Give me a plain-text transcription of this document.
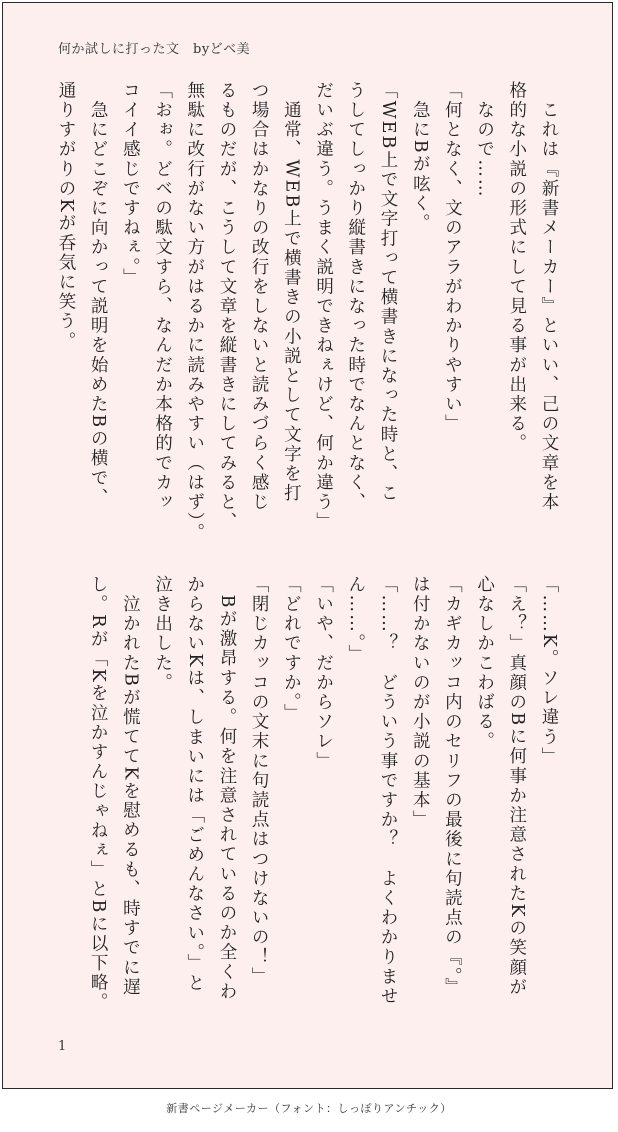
何か試しに打った文　byどベ美
　これは『新書メーカー』といい、己の文章を本
格的な小説の形式にして見る事が出来る。
　なので……
「何となく、文のアラがわかりやすい」
　急にBが呟く。
「WEB上で文字打って横書きになった時と、こ
うしてしっかり縦書きになった時でなんとなく、
だいぶ違う。うまく説明できねぇけど、何か違う」
　通常、WEB上で横書きの小説として文字を打
つ場合はかなりの改行をしないと読みづらく感じ
るものだが、こうして文章を縦書きにしてみると、
無駄に改行がない方がはるかに読みやすい（はず）。
「おぉ。どベの駄文すら、なんだか本格的でカッ
コイイ感じですねぇ。」
　急にどこぞに向かって説明を始めたBの横で、
通りすがりのKが呑気に笑う。
「……K。ソレ違う」
「え？」真顔のBに何事か注意されたKの笑顔が
心なしかこわばる。
「カギカッコ内のセリフの最後に句読点の『。』
は付かないのが小説の基本」
「……？　どういう事ですか？　よくわかりませ
ん……。」
「いや、だからソレ」
「どれですか。」
「閉じカッコの文末に句読点はつけないの！」
　Bが激昂する。何を注意されているのか全くわ
からないKは、しまいには「ごめんなさい。」と
泣き出した。
　泣かれたBが慌ててKを慰めるも、時すでに遅
し。Rが「Kを泣かすんじゃねぇ」とBに以下略。
1
新書ページメーカー（フォント：しっぽりアンチック）
